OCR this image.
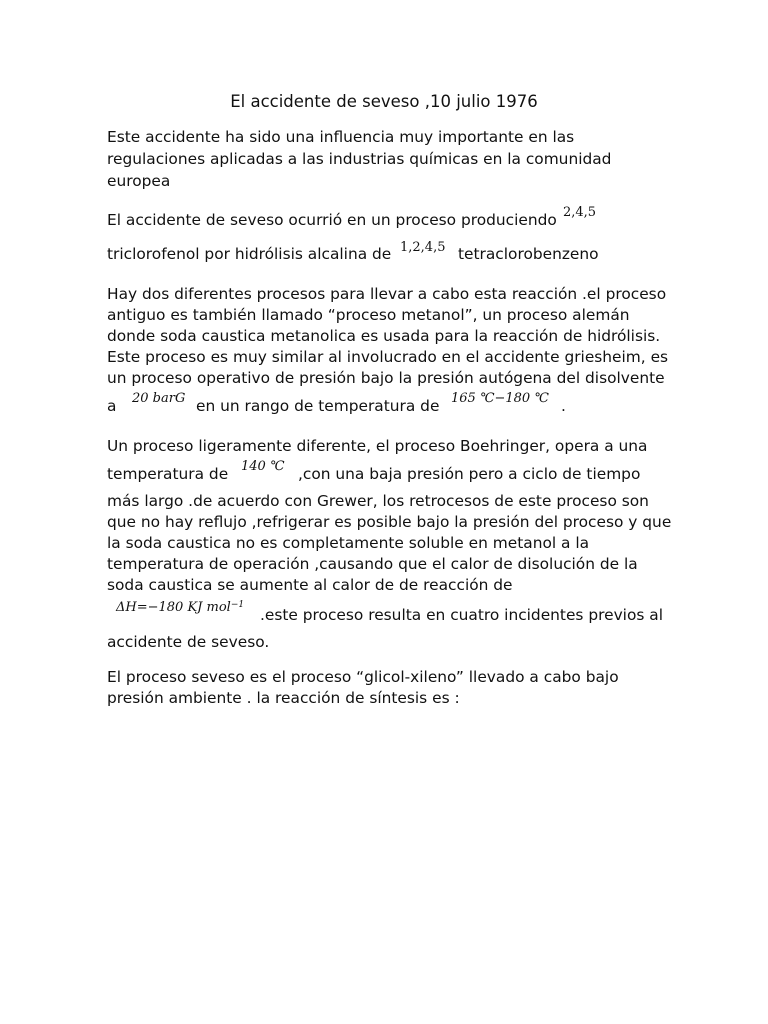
El accidente de seveso ,10 julio 1976
Este accidente ha sido una influencia muy importante en las
regulaciones aplicadas a las industrias químicas en la comunidad
europea
El accidente de seveso ocurrió en un proceso produciendo 2,4,5
triclorofenol por hidrólisis alcalina de 1,2,4,5 tetraclorobenzeno
Hay dos diferentes procesos para llevar a cabo esta reacción .el proceso
antiguo es también llamado “proceso metanol”, un proceso alemán
donde soda caustica metanolica es usada para la reacción de hidrólisis.
Este proceso es muy similar al involucrado en el accidente griesheim, es
un proceso operativo de presión bajo la presión autógena del disolvente
a 20 barG en un rango de temperatura de 165 ℃−180 ℃ .
Un proceso ligeramente diferente, el proceso Boehringer, opera a una
temperatura de 140 ℃ ,con una baja presión pero a ciclo de tiempo
más largo .de acuerdo con Grewer, los retrocesos de este proceso son
que no hay reflujo ,refrigerar es posible bajo la presión del proceso y que
la soda caustica no es completamente soluble en metanol a la
temperatura de operación ,causando que el calor de disolución de la
soda caustica se aumente al calor de de reacción de
ΔH=−180 KJ mol$^{-1}$
.este proceso resulta en cuatro incidentes previos al
accidente de seveso.
El proceso seveso es el proceso “glicol-xileno” llevado a cabo bajo
presión ambiente . la reacción de síntesis es :
